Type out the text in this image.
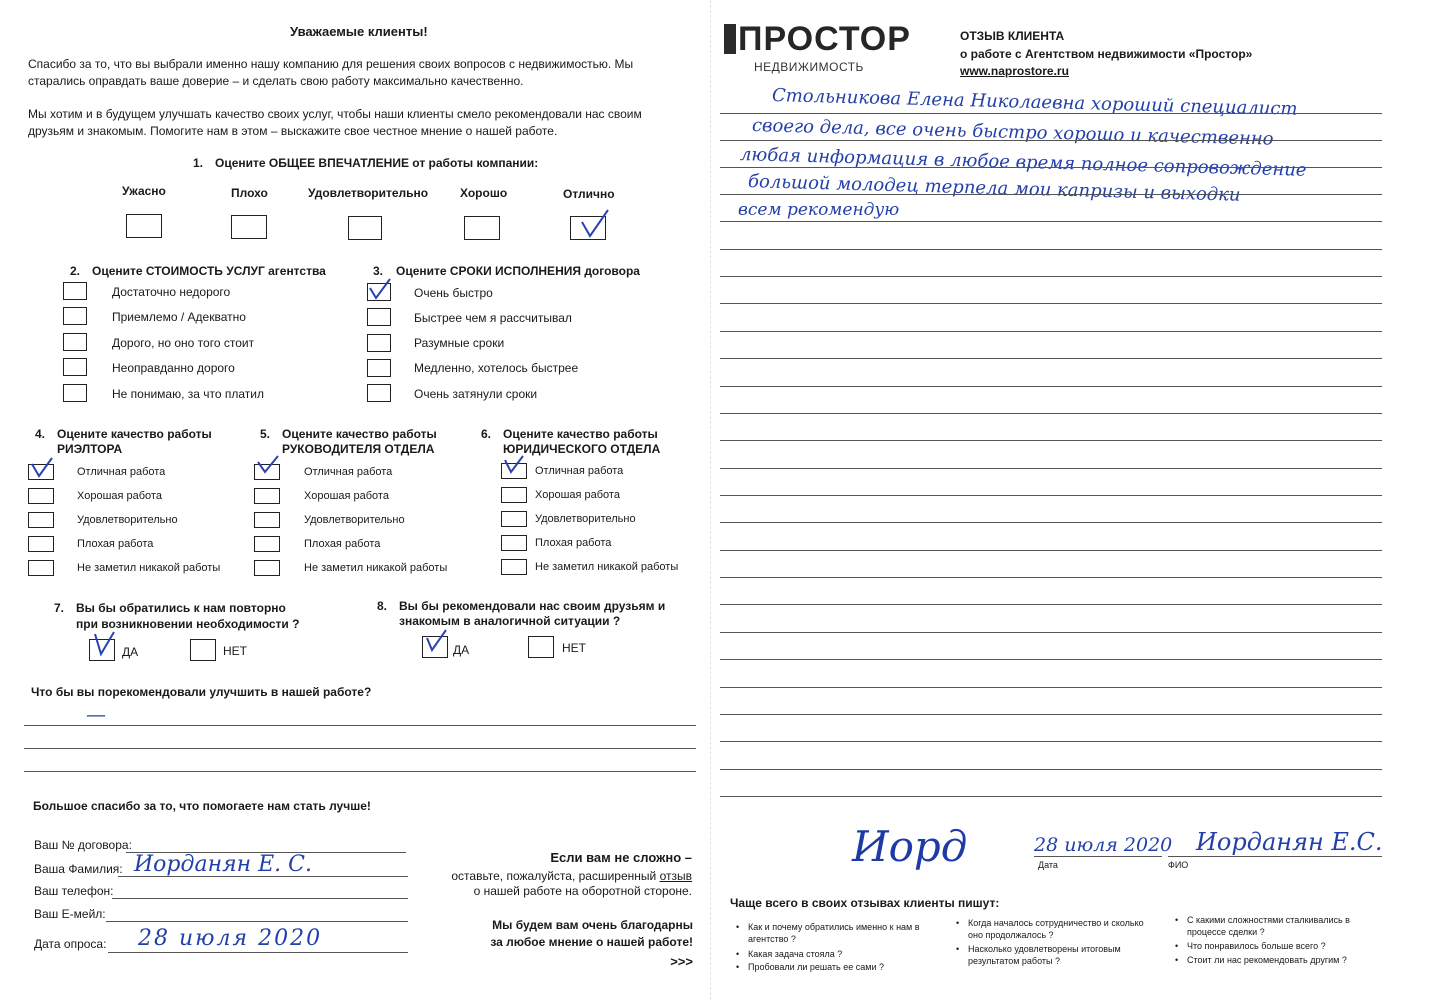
Уважаемые клиенты!
Спасибо за то, что вы выбрали именно нашу компанию для решения своих вопросов с недвижимостью. Мы старались оправдать ваше доверие – и сделать свою работу максимально качественно.
Мы хотим и в будущем улучшать качество своих услуг, чтобы наши клиенты смело рекомендовали нас своим друзьям и знакомым. Помогите нам в этом – выскажите свое честное мнение о нашей работе.
1. Оцените ОБЩЕЕ ВПЕЧАТЛЕНИЕ от работы компании:
Ужасно	Плохо	Удовлетворительно	Хорошо	Отлично
2. Оцените СТОИМОСТЬ УСЛУГ агентства
Достаточно недорого
Приемлемо / Адекватно
Дорого, но оно того стоит
Неоправданно дорого
Не понимаю, за что платил
3. Оцените СРОКИ ИСПОЛНЕНИЯ договора
Очень быстро
Быстрее чем я рассчитывал
Разумные сроки
Медленно, хотелось быстрее
Очень затянули сроки
4. Оцените качество работы
РИЭЛТОРА
Отличная работа
Хорошая работа
Удовлетворительно
Плохая работа
Не заметил никакой работы
5. Оцените качество работы
РУКОВОДИТЕЛЯ ОТДЕЛА
Отличная работа
Хорошая работа
Удовлетворительно
Плохая работа
Не заметил никакой работы
6. Оцените качество работы
ЮРИДИЧЕСКОГО ОТДЕЛА
Отличная работа
Хорошая работа
Удовлетворительно
Плохая работа
Не заметил никакой работы
7. Вы бы обратились к нам повторно
при возникновении необходимости ?
ДА	НЕТ
8. Вы бы рекомендовали нас своим друзьям и
знакомым в аналогичной ситуации ?
ДА	НЕТ
Что бы вы порекомендовали улучшить в нашей работе?
—
Большое спасибо за то, что помогаете нам стать лучше!
Ваш № договора:
Ваша Фамилия: Иорданян Е. С.
Ваш телефон:
Ваш E-мейл:
Дата опроса: 28 июля 2020
Если вам не сложно –
оставьте, пожалуйста, расширенный отзыв
о нашей работе на оборотной стороне.
Мы будем вам очень благодарны
за любое мнение о нашей работе!
>>>
ПРОСТОР
НЕДВИЖИМОСТЬ
ОТЗЫВ КЛИЕНТА
о работе с Агентством недвижимости «Простор»
www.naprostore.ru
Стольникова Елена Николаевна хороший специалист
своего дела, все очень быстро хорошо и качественно
любая информация в любое время полное сопровождение
большой молодец терпела мои капризы и выходки
всем рекомендую
Иорд	28 июля 2020
Дата
Иорданян Е.С.
ФИО
Чаще всего в своих отзывах клиенты пишут:
• Как и почему обратились именно к нам в агентство ?
• Какая задача стояла ?
• Пробовали ли решать ее сами ?
• Когда началось сотрудничество и сколько оно продолжалось ?
• Насколько удовлетворены итоговым результатом работы ?
• С какими сложностями сталкивались в процессе сделки ?
• Что понравилось больше всего ?
• Стоит ли нас рекомендовать другим ?
